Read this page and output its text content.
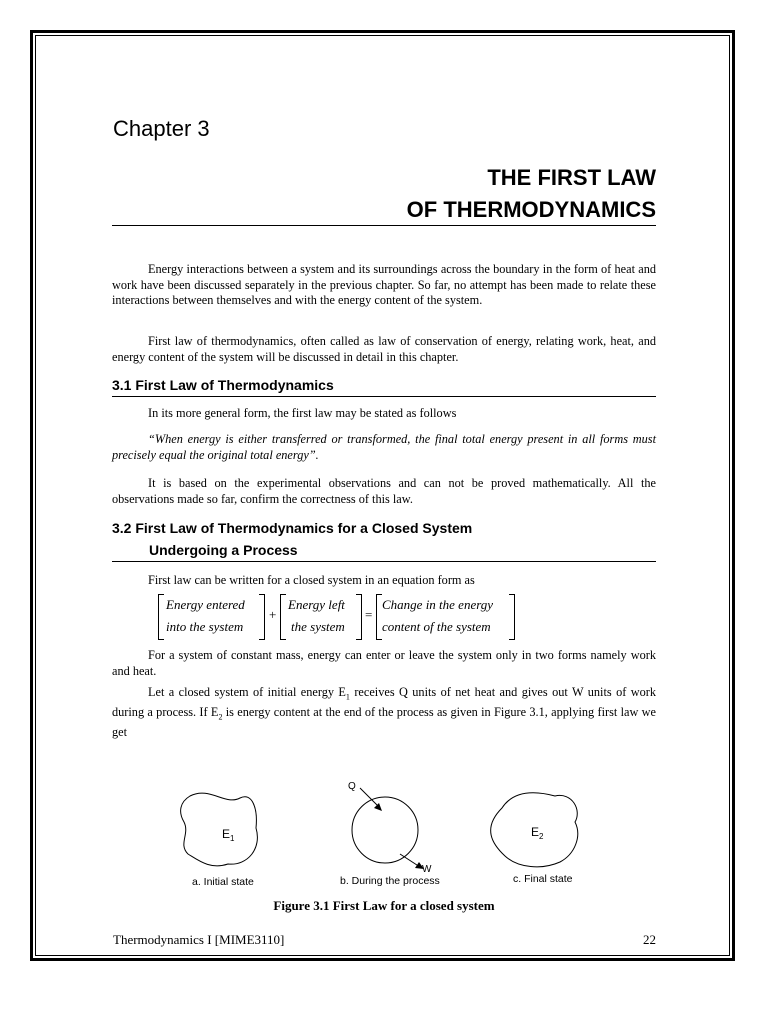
Chapter 3
THE FIRST LAW
OF THERMODYNAMICS
Energy interactions between a system and its surroundings across the boundary in the form of heat and work have been discussed separately in the previous chapter. So far, no attempt has been made to relate these interactions between themselves and with the energy content of the system.
First law of thermodynamics, often called as law of conservation of energy, relating work, heat, and energy content of the system will be discussed in detail in this chapter.
3.1 First Law of Thermodynamics
In its more general form, the first law may be stated as follows
“When energy is either transferred or transformed, the final total energy present in all forms must precisely equal the original total energy”.
It is based on the experimental observations and can not be proved mathematically. All the observations made so far, confirm the correctness of this law.
3.2 First Law of Thermodynamics for a Closed System
Undergoing a Process
First law can be written for a closed system in an equation form as
Energy entered
into the system
+
Energy left
the system
=
Change in the energy
content of the system
For a system of constant mass, energy can enter or leave the system only in two forms namely work and heat.
Let a closed system of initial energy $E_1$ receives Q units of net heat and gives out W units of work during a process. If $E_2$ is energy content at the end of the process as given in Figure 3.1, applying first law we get
$E_1$	$E_2$
Q
W
a. Initial state	b. During the process	c. Final state
Figure 3.1 First Law for a closed system
Thermodynamics I [MIME3110]	22
